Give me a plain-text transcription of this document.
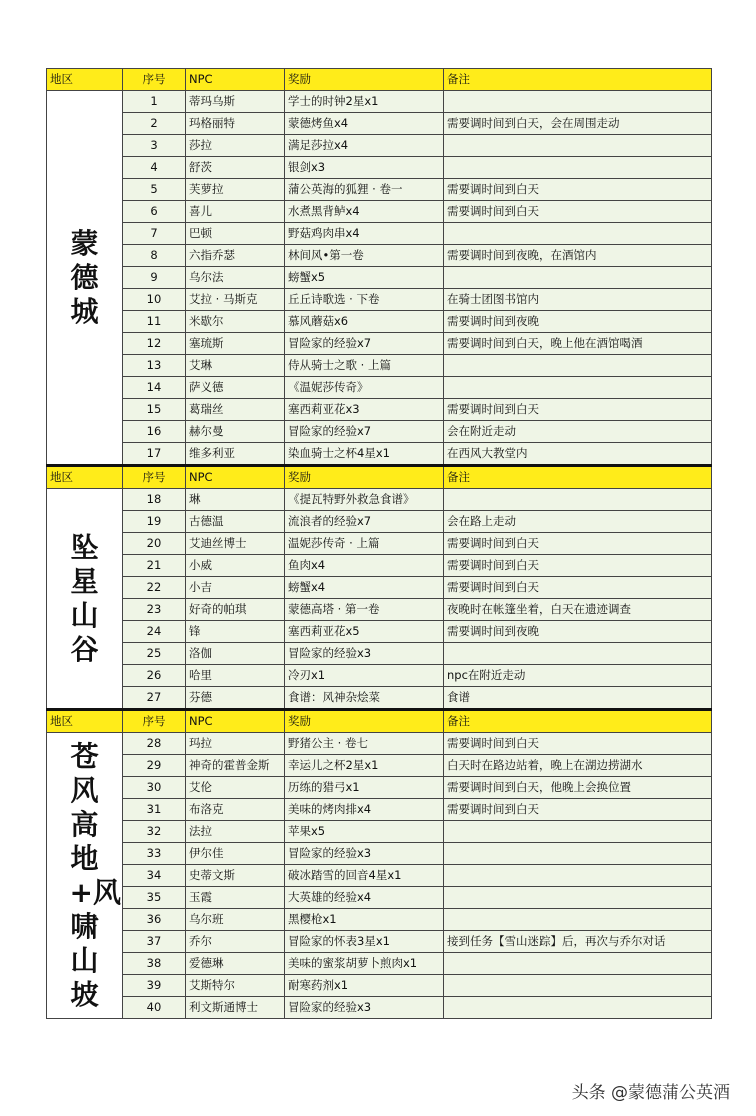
地区	序号	NPC	奖励	备注
蒙德城	1	蒂玛乌斯	学士的时钟2星x1	
	2	玛格丽特	蒙德烤鱼x4	需要调时间到白天，会在周围走动
	3	莎拉	满足莎拉x4	
	4	舒茨	银剑x3	
	5	芙萝拉	蒲公英海的狐狸 · 卷一	需要调时间到白天
	6	喜儿	水煮黑背鲈x4	需要调时间到白天
	7	巴顿	野菇鸡肉串x4	
	8	六指乔瑟	林间风•第一卷	需要调时间到夜晚，在酒馆内
	9	乌尔法	螃蟹x5	
	10	艾拉 · 马斯克	丘丘诗歌选 · 下卷	在骑士团图书馆内
	11	米歇尔	慕风蘑菇x6	需要调时间到夜晚
	12	塞琉斯	冒险家的经验x7	需要调时间到白天，晚上他在酒馆喝酒
	13	艾琳	侍从骑士之歌 · 上篇	
	14	萨义德	《温妮莎传奇》	
	15	葛瑞丝	塞西莉亚花x3	需要调时间到白天
	16	赫尔曼	冒险家的经验x7	会在附近走动
	17	维多利亚	染血骑士之杯4星x1	在西风大教堂内
地区	序号	NPC	奖励	备注
坠星山谷	18	琳	《提瓦特野外救急食谱》	
	19	古德温	流浪者的经验x7	会在路上走动
	20	艾迪丝博士	温妮莎传奇 · 上篇	需要调时间到白天
	21	小威	鱼肉x4	需要调时间到白天
	22	小吉	螃蟹x4	需要调时间到白天
	23	好奇的帕琪	蒙德高塔 · 第一卷	夜晚时在帐篷坐着，白天在遗迹调查
	24	锋	塞西莉亚花x5	需要调时间到夜晚
	25	洛伽	冒险家的经验x3	
	26	哈里	冷刃x1	npc在附近走动
	27	芬德	食谱：风神杂烩菜	食谱
地区	序号	NPC	奖励	备注
苍风高地+风啸山坡	28	玛拉	野猪公主 · 卷七	需要调时间到白天
	29	神奇的霍普金斯	幸运儿之杯2星x1	白天时在路边站着，晚上在湖边捞湖水
	30	艾伦	历练的猎弓x1	需要调时间到白天，他晚上会换位置
	31	布洛克	美味的烤肉排x4	需要调时间到白天
	32	法拉	苹果x5	
	33	伊尔佳	冒险家的经验x3	
	34	史蒂文斯	破冰踏雪的回音4星x1	
	35	玉霞	大英雄的经验x4	
	36	乌尔班	黑樱枪x1	
	37	乔尔	冒险家的怀表3星x1	接到任务【雪山迷踪】后，再次与乔尔对话
	38	爱德琳	美味的蜜浆胡萝卜煎肉x1	
	39	艾斯特尔	耐寒药剂x1	
	40	利文斯通博士	冒险家的经验x3	
头条 @蒙德蒲公英酒
